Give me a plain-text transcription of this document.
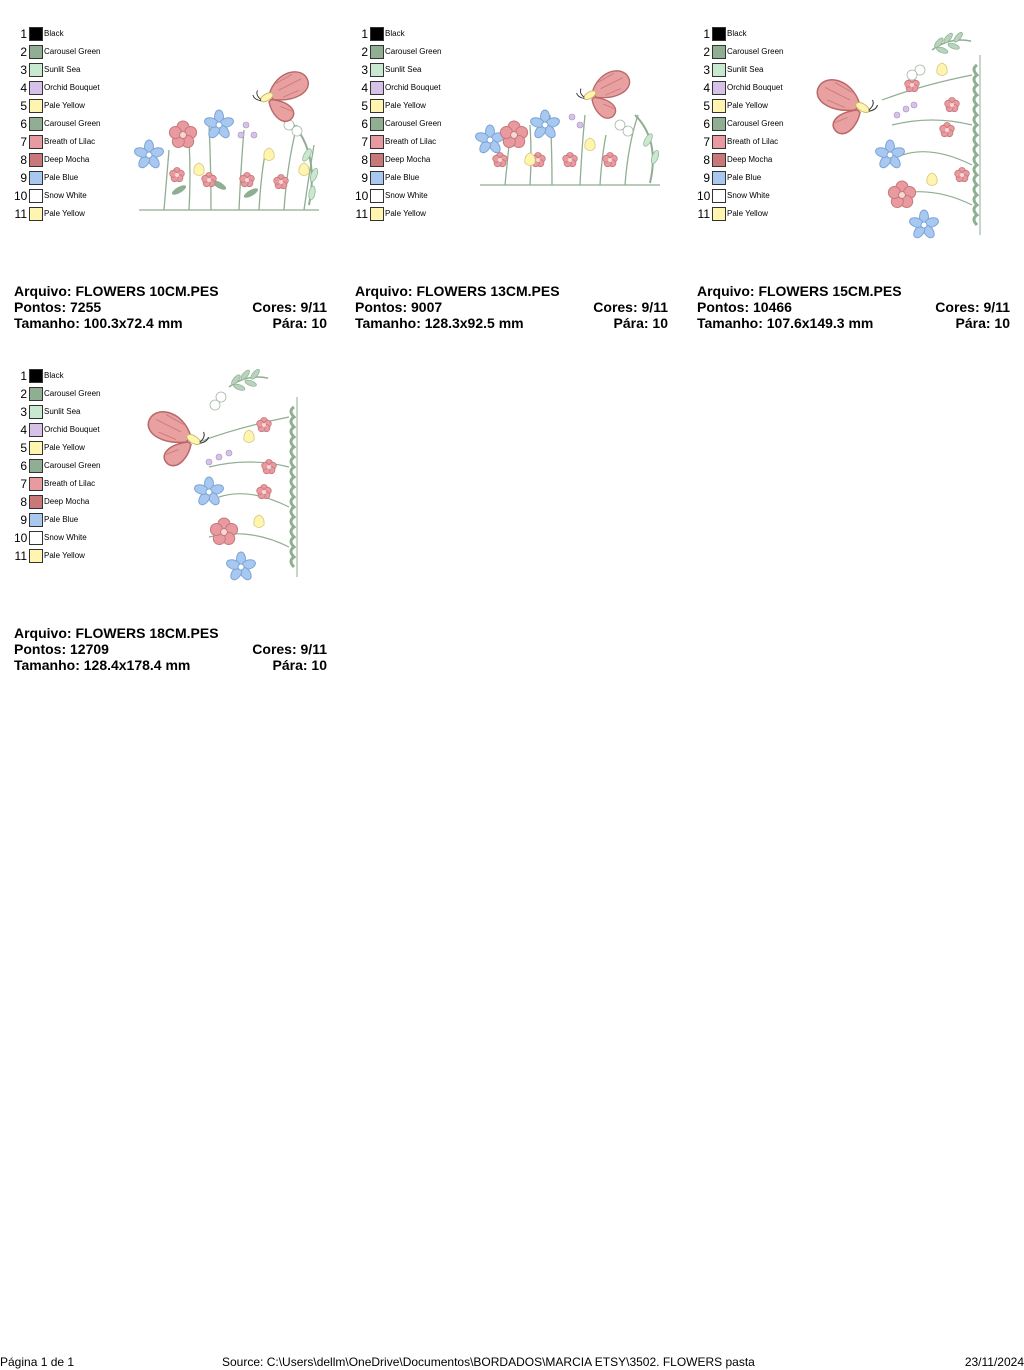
1 Black
2 Carousel Green
3 Sunlit Sea
4 Orchid Bouquet
5 Pale Yellow
6 Carousel Green
7 Breath of Lilac
8 Deep Mocha
9 Pale Blue
10 Snow White
11 Pale Yellow
Arquivo: FLOWERS 10CM.PES
Pontos: 7255	Cores: 9/11
Tamanho: 100.3x72.4 mm	Pára: 10
1 Black
2 Carousel Green
3 Sunlit Sea
4 Orchid Bouquet
5 Pale Yellow
6 Carousel Green
7 Breath of Lilac
8 Deep Mocha
9 Pale Blue
10 Snow White
11 Pale Yellow
Arquivo: FLOWERS 13CM.PES
Pontos: 9007	Cores: 9/11
Tamanho: 128.3x92.5 mm	Pára: 10
1 Black
2 Carousel Green
3 Sunlit Sea
4 Orchid Bouquet
5 Pale Yellow
6 Carousel Green
7 Breath of Lilac
8 Deep Mocha
9 Pale Blue
10 Snow White
11 Pale Yellow
Arquivo: FLOWERS 15CM.PES
Pontos: 10466	Cores: 9/11
Tamanho: 107.6x149.3 mm	Pára: 10
1 Black
2 Carousel Green
3 Sunlit Sea
4 Orchid Bouquet
5 Pale Yellow
6 Carousel Green
7 Breath of Lilac
8 Deep Mocha
9 Pale Blue
10 Snow White
11 Pale Yellow
Arquivo: FLOWERS 18CM.PES
Pontos: 12709	Cores: 9/11
Tamanho: 128.4x178.4 mm	Pára: 10
Página 1 de 1	Source: C:\Users\dellm\OneDrive\Documentos\BORDADOS\MARCIA ETSY\3502. FLOWERS pasta	23/11/2024
